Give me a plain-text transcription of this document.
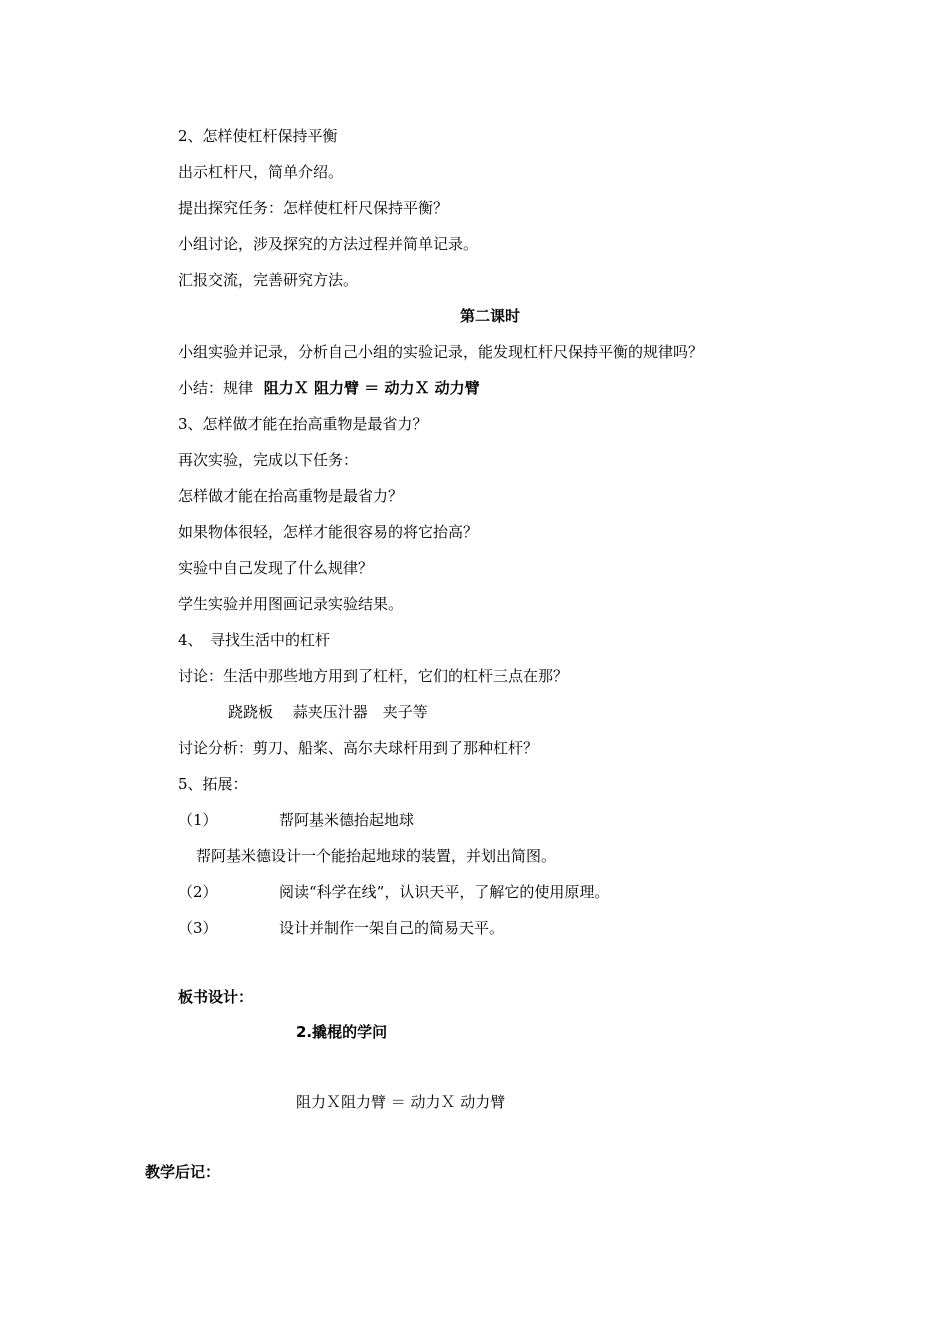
2、怎样使杠杆保持平衡
出示杠杆尺，简单介绍。
提出探究任务：怎样使杠杆尺保持平衡？
小组讨论，涉及探究的方法过程并简单记录。
汇报交流，完善研究方法。
第二课时
小组实验并记录，分析自己小组的实验记录，能发现杠杆尺保持平衡的规律吗？
小结：规律 阻力Ｘ 阻力臂 ＝ 动力Ｘ 动力臂
3、怎样做才能在抬高重物是最省力？
再次实验，完成以下任务：
怎样做才能在抬高重物是最省力？
如果物体很轻，怎样才能很容易的将它抬高？
实验中自己发现了什么规律？
学生实验并用图画记录实验结果。
4、　寻找生活中的杠杆
讨论：生活中那些地方用到了杠杆，它们的杠杆三点在那？
跷跷板　 蒜夹压汁器　夹子等
讨论分析：剪刀、船桨、高尔夫球杆用到了那种杠杆？
5、拓展：
（1）	帮阿基米德抬起地球
帮阿基米德设计一个能抬起地球的装置，并划出简图。
（2）	阅读“科学在线”，认识天平，了解它的使用原理。
（3）	设计并制作一架自己的简易天平。
板书设计：
2.撬棍的学问
阻力Ｘ阻力臂 ＝ 动力Ｘ 动力臂
教学后记：
